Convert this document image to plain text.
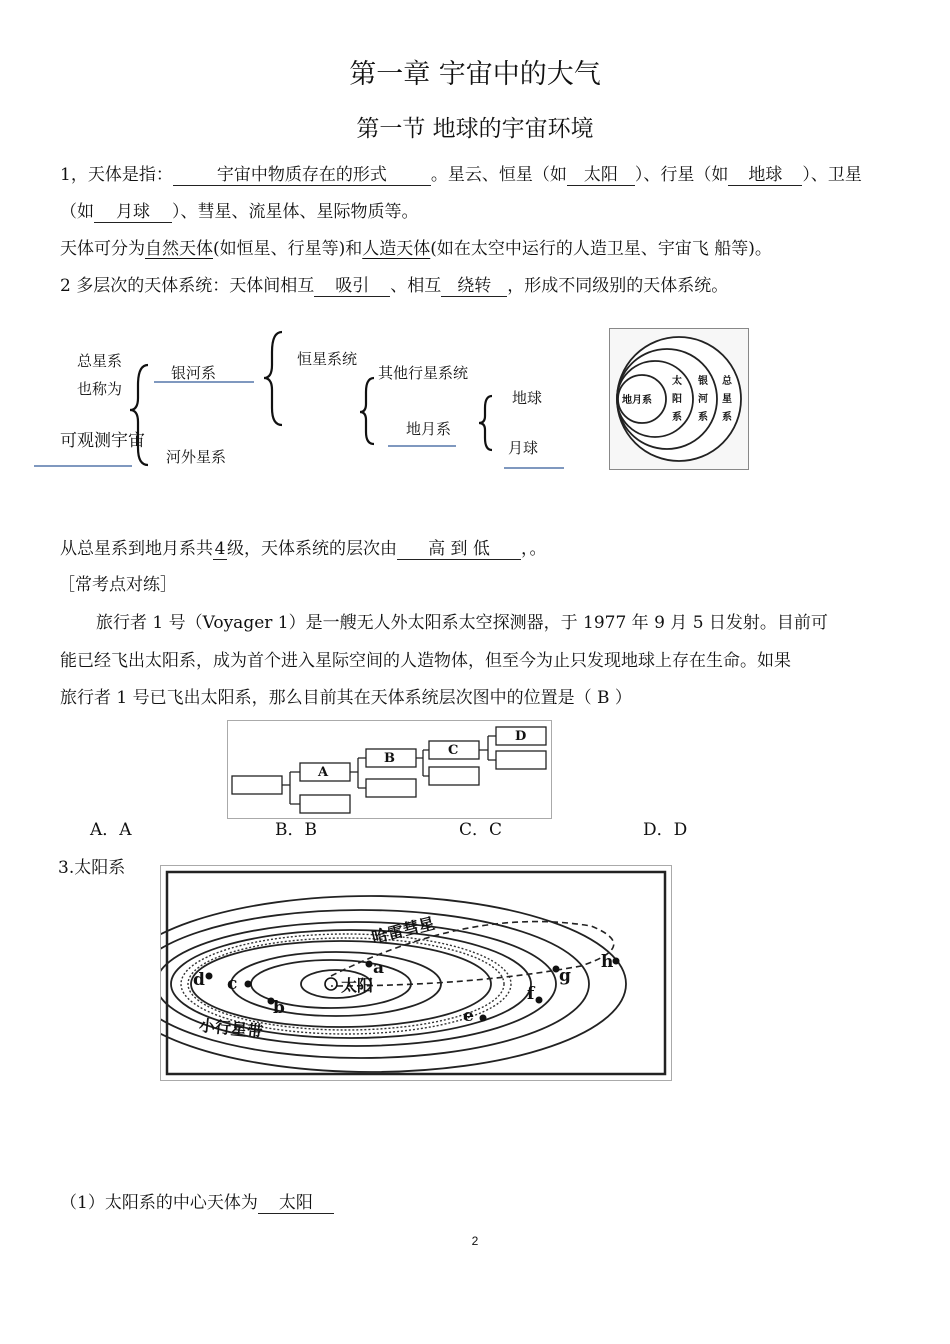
第一章 宇宙中的大气
第一节 地球的宇宙环境
1，天体是指：	宇宙中物质存在的形式	。星云、恒星（如 太阳 ）、行星（如 地球 ）、卫星
（如 月球 ）、彗星、流星体、星际物质等。
天体可分为自然天体(如恒星、行星等)和人造天体(如在太空中运行的人造卫星、宇宙飞 船等)。
2 多层次的天体系统：天体间相互 吸引 、相互 绕转 ，形成不同级别的天体系统。
总星系
也称为
可观测宇宙
银河系
河外星系
恒星系统
其他行星系统
地月系
地球
月球
地月系
太
阳
系
银
河
系
总
星
系
从总星系到地月系共4级，天体系统的层次由 高 到 低 ，。
［常考点对练］
旅行者 1 号（Voyager 1）是一艘无人外太阳系太空探测器，于 1977 年 9 月 5 日发射。目前可
能已经飞出太阳系，成为首个进入星际空间的人造物体，但至今为止只发现地球上存在生命。如果
旅行者 1 号已飞出太阳系，那么目前其在天体系统层次图中的位置是（ B ）
A
B
C
D
A．A	B．B	C．C	D．D
3.太阳系
哈雷彗星
太阳
小行星带
a
b
c
d
e
f
g
h
（1）太阳系的中心天体为 太阳
2
